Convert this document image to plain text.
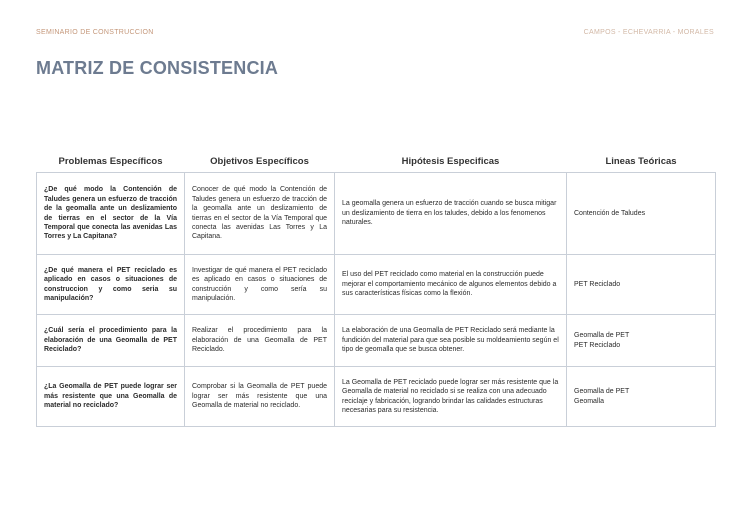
SEMINARIO DE CONSTRUCCION	CAMPOS - ECHEVARRIA - MORALES
MATRIZ DE CONSISTENCIA
Problemas Específicos	Objetivos Específicos	Hipótesis Especificas	Lineas Teóricas
¿De qué modo la Contención de Taludes genera un esfuerzo de tracción de la geomalla ante un deslizamiento de tierras en el sector de la Vía Temporal que conecta las avenidas Las Torres y La Capitana?	Conocer de qué modo la Contención de Taludes genera un esfuerzo de tracción de la geomalla ante un deslizamiento de tierras en el sector de la Vía Temporal que conecta las avenidas Las Torres y La Capitana.	La geomalla genera un esfuerzo de tracción cuando se busca mitigar un deslizamiento de tierra en los taludes, debido a los fenomenos naturales.	Contención de Taludes

¿De qué manera el PET reciclado es aplicado en casos o situaciones de construccion y como seria su manipulación?	Investigar de qué manera el PET reciclado es aplicado en casos o situaciones de construcción y como sería su manipulación.	El uso del PET reciclado como material en la construcción puede mejorar el comportamiento mecánico de algunos elementos debido a sus características físicas como la flexión.	PET Reciclado

¿Cuál sería el procedimiento para la elaboración de una Geomalla de PET Reciclado?	Realizar el procedimiento para la elaboración de una Geomalla de PET Reciclado.	La elaboración de una Geomalla de PET Reciclado será mediante la fundición del material para que sea posible su moldeamiento según el tipo de geomalla que se busca obtener.	Geomalla de PET
PET Reciclado

¿La Geomalla de PET puede lograr ser más resistente que una Geomalla de material no reciclado?	Comprobar si la Geomalla de PET puede lograr ser más resistente que una Geomalla de material no reciclado.	La Geomalla de PET reciclado puede lograr ser más resistente que la Geomalla de material no reciclado si se realiza con una adecuado reciclaje y fabricación, logrando brindar las calidades estructuras necesarias para su resistencia.	Geomalla de PET
Geomalla
